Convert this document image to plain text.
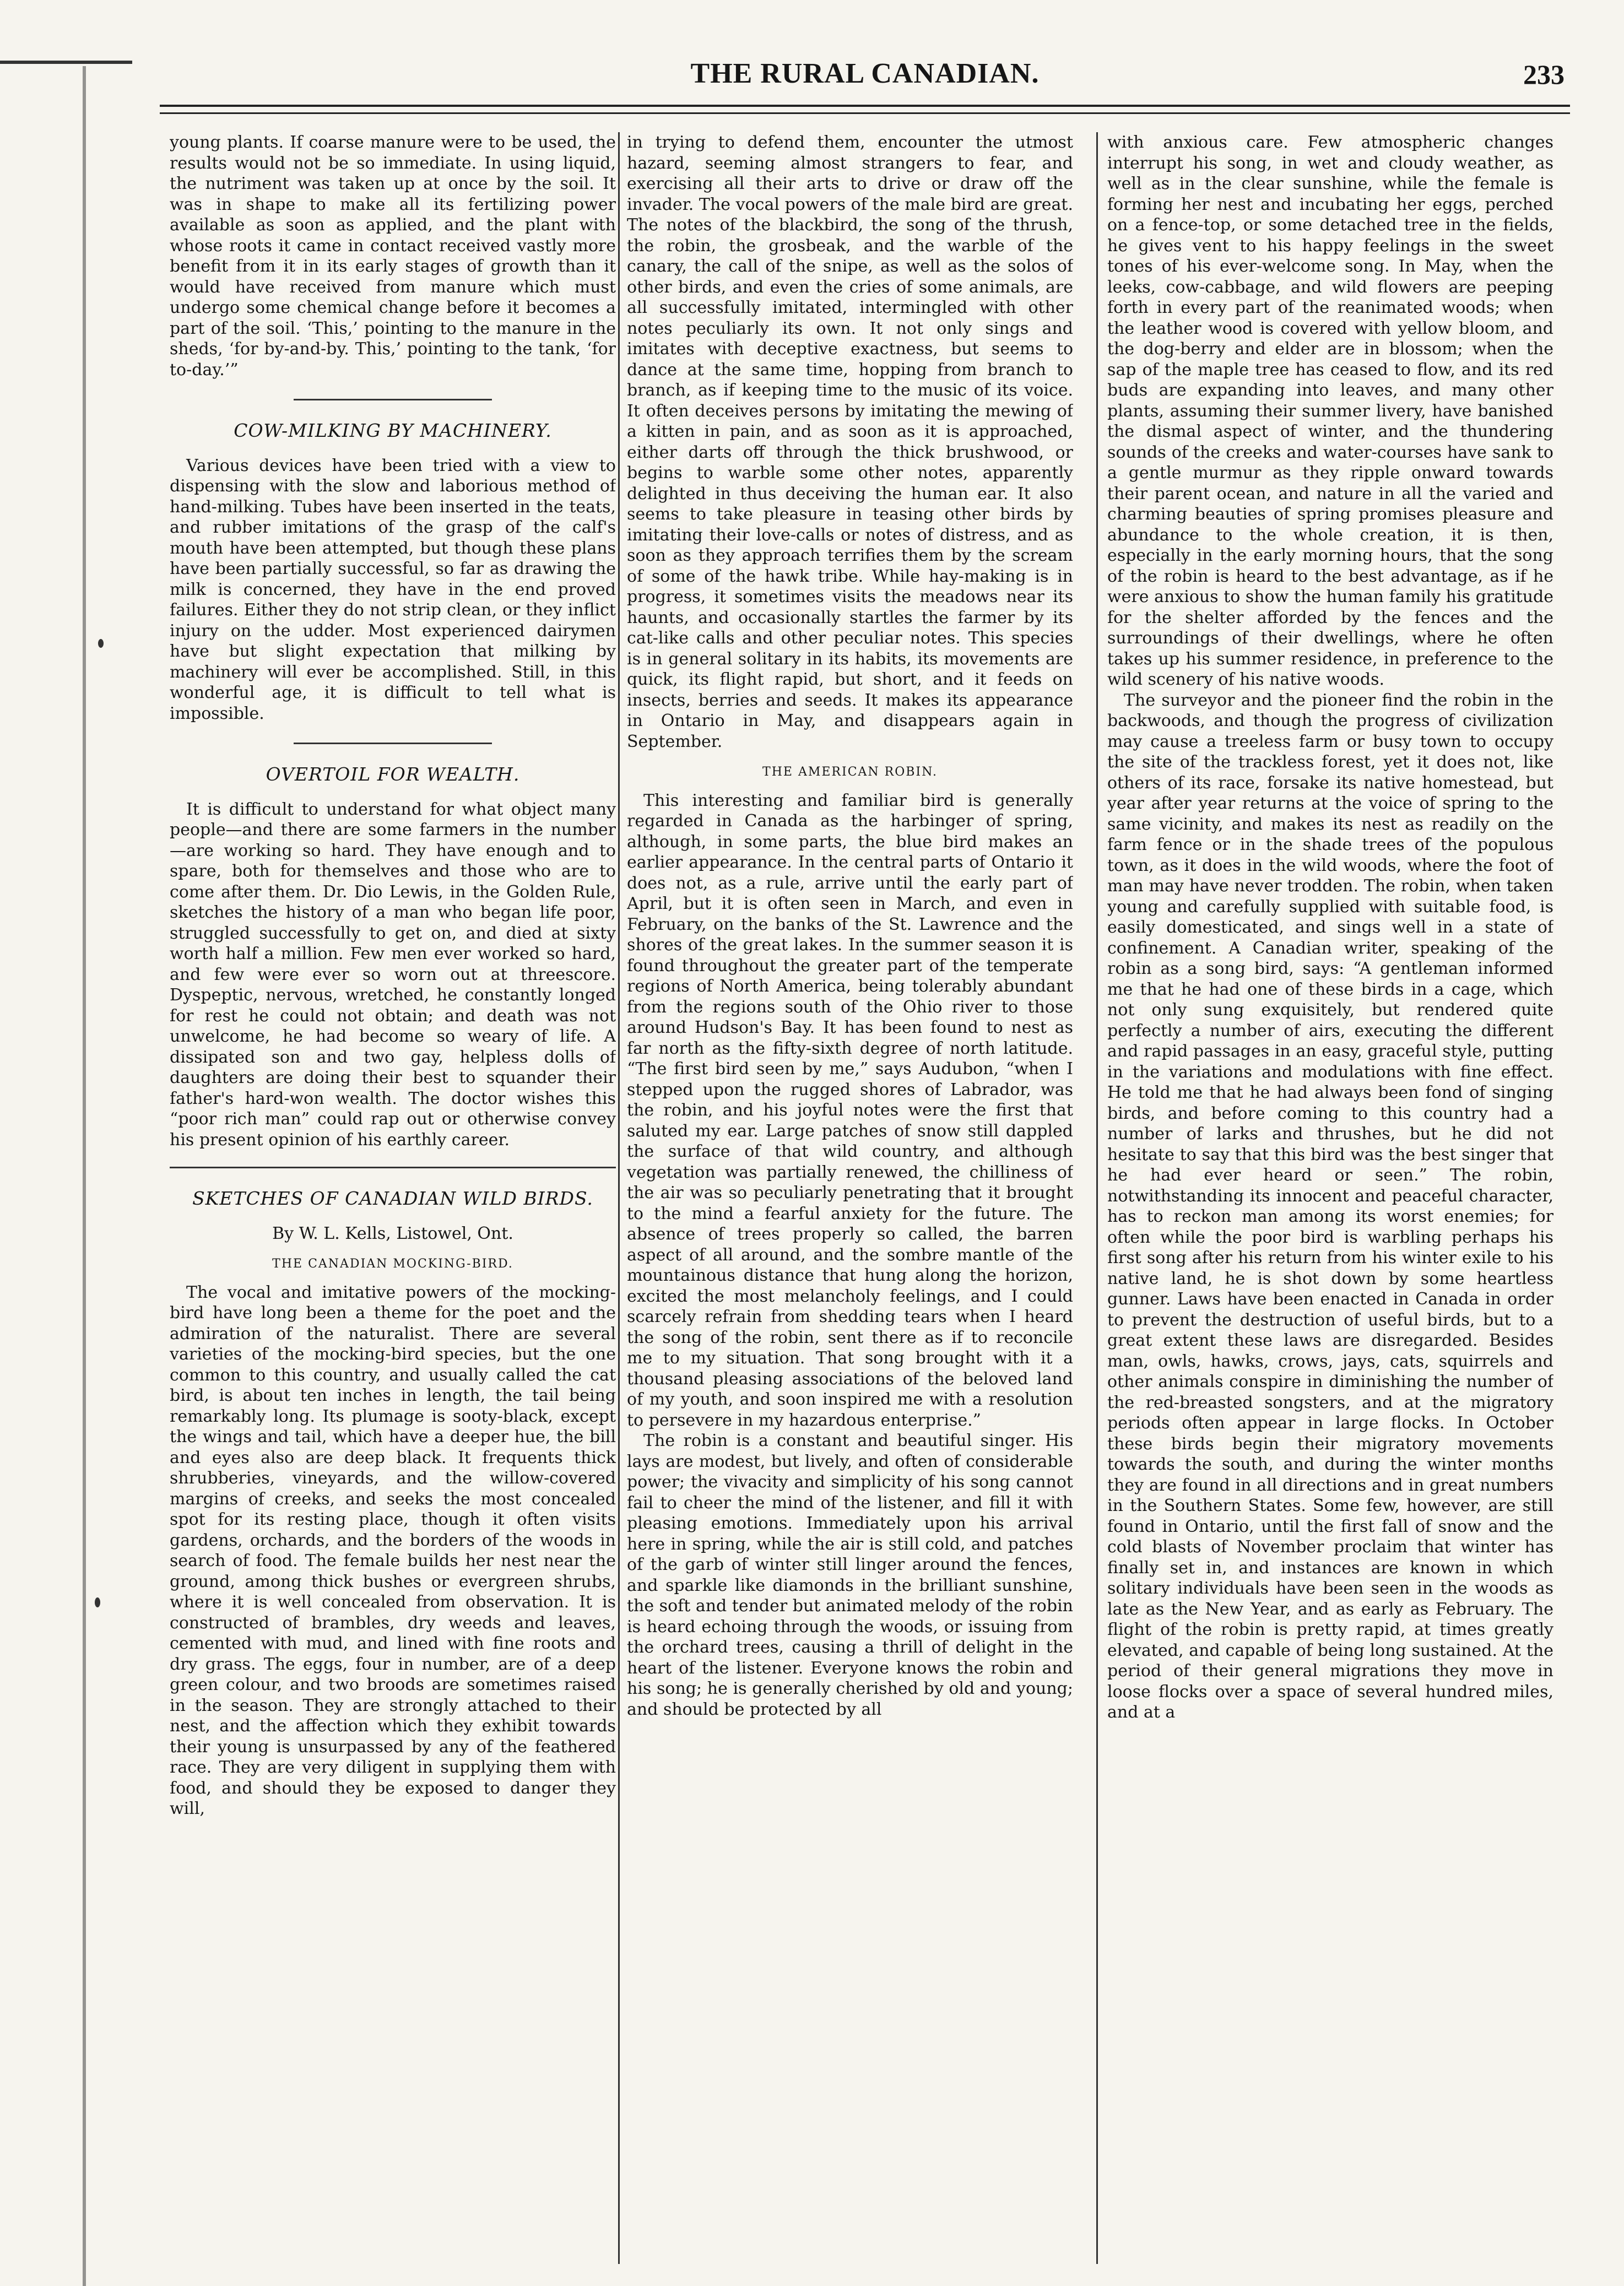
THE RURAL CANADIAN.	233

young plants. If coarse manure were to be used, the results would not be so immediate. In using liquid, the nutriment was taken up at once by the soil. It was in shape to make all its fertilizing power available as soon as applied, and the plant with whose roots it came in contact received vastly more benefit from it in its early stages of growth than it would have received from manure which must undergo some chemical change before it becomes a part of the soil. ‘This,’ pointing to the manure in the sheds, ‘for by-and-by. This,’ pointing to the tank, ‘for to-day.’”

COW-MILKING BY MACHINERY.

Various devices have been tried with a view to dispensing with the slow and laborious method of hand-milking. Tubes have been inserted in the teats, and rubber imitations of the grasp of the calf's mouth have been attempted, but though these plans have been partially successful, so far as drawing the milk is concerned, they have in the end proved failures. Either they do not strip clean, or they inflict injury on the udder. Most experienced dairymen have but slight expectation that milking by machinery will ever be accomplished. Still, in this wonderful age, it is difficult to tell what is impossible.

OVERTOIL FOR WEALTH.

It is difficult to understand for what object many people—and there are some farmers in the number—are working so hard. They have enough and to spare, both for themselves and those who are to come after them. Dr. Dio Lewis, in the Golden Rule, sketches the history of a man who began life poor, struggled successfully to get on, and died at sixty worth half a million. Few men ever worked so hard, and few were ever so worn out at threescore. Dyspeptic, nervous, wretched, he constantly longed for rest he could not obtain; and death was not unwelcome, he had become so weary of life. A dissipated son and two gay, helpless dolls of daughters are doing their best to squander their father's hard-won wealth. The doctor wishes this “poor rich man” could rap out or otherwise convey his present opinion of his earthly career.

SKETCHES OF CANADIAN WILD BIRDS.
By W. L. Kells, Listowel, Ont.
THE CANADIAN MOCKING-BIRD.

The vocal and imitative powers of the mocking-bird have long been a theme for the poet and the admiration of the naturalist. There are several varieties of the mocking-bird species, but the one common to this country, and usually called the cat bird, is about ten inches in length, the tail being remarkably long. Its plumage is sooty-black, except the wings and tail, which have a deeper hue, the bill and eyes also are deep black. It frequents thick shrubberies, vineyards, and the willow-covered margins of creeks, and seeks the most concealed spot for its resting place, though it often visits gardens, orchards, and the borders of the woods in search of food. The female builds her nest near the ground, among thick bushes or evergreen shrubs, where it is well concealed from observation. It is constructed of brambles, dry weeds and leaves, cemented with mud, and lined with fine roots and dry grass. The eggs, four in number, are of a deep green colour, and two broods are sometimes raised in the season. They are strongly attached to their nest, and the affection which they exhibit towards their young is unsurpassed by any of the feathered race. They are very diligent in supplying them with food, and should they be exposed to danger they will,

in trying to defend them, encounter the utmost hazard, seeming almost strangers to fear, and exercising all their arts to drive or draw off the invader. The vocal powers of the male bird are great. The notes of the blackbird, the song of the thrush, the robin, the grosbeak, and the warble of the canary, the call of the snipe, as well as the solos of other birds, and even the cries of some animals, are all successfully imitated, intermingled with other notes peculiarly its own. It not only sings and imitates with deceptive exactness, but seems to dance at the same time, hopping from branch to branch, as if keeping time to the music of its voice. It often deceives persons by imitating the mewing of a kitten in pain, and as soon as it is approached, either darts off through the thick brushwood, or begins to warble some other notes, apparently delighted in thus deceiving the human ear. It also seems to take pleasure in teasing other birds by imitating their love-calls or notes of distress, and as soon as they approach terrifies them by the scream of some of the hawk tribe. While hay-making is in progress, it sometimes visits the meadows near its haunts, and occasionally startles the farmer by its cat-like calls and other peculiar notes. This species is in general solitary in its habits, its movements are quick, its flight rapid, but short, and it feeds on insects, berries and seeds. It makes its appearance in Ontario in May, and disappears again in September.

THE AMERICAN ROBIN.

This interesting and familiar bird is generally regarded in Canada as the harbinger of spring, although, in some parts, the blue bird makes an earlier appearance. In the central parts of Ontario it does not, as a rule, arrive until the early part of April, but it is often seen in March, and even in February, on the banks of the St. Lawrence and the shores of the great lakes. In the summer season it is found throughout the greater part of the temperate regions of North America, being tolerably abundant from the regions south of the Ohio river to those around Hudson's Bay. It has been found to nest as far north as the fifty-sixth degree of north latitude. “The first bird seen by me,” says Audubon, “when I stepped upon the rugged shores of Labrador, was the robin, and his joyful notes were the first that saluted my ear. Large patches of snow still dappled the surface of that wild country, and although vegetation was partially renewed, the chilliness of the air was so peculiarly penetrating that it brought to the mind a fearful anxiety for the future. The absence of trees properly so called, the barren aspect of all around, and the sombre mantle of the mountainous distance that hung along the horizon, excited the most melancholy feelings, and I could scarcely refrain from shedding tears when I heard the song of the robin, sent there as if to reconcile me to my situation. That song brought with it a thousand pleasing associations of the beloved land of my youth, and soon inspired me with a resolution to persevere in my hazardous enterprise.”

The robin is a constant and beautiful singer. His lays are modest, but lively, and often of considerable power; the vivacity and simplicity of his song cannot fail to cheer the mind of the listener, and fill it with pleasing emotions. Immediately upon his arrival here in spring, while the air is still cold, and patches of the garb of winter still linger around the fences, and sparkle like diamonds in the brilliant sunshine, the soft and tender but animated melody of the robin is heard echoing through the woods, or issuing from the orchard trees, causing a thrill of delight in the heart of the listener. Everyone knows the robin and his song; he is generally cherished by old and young; and should be protected by all

with anxious care. Few atmospheric changes interrupt his song, in wet and cloudy weather, as well as in the clear sunshine, while the female is forming her nest and incubating her eggs, perched on a fence-top, or some detached tree in the fields, he gives vent to his happy feelings in the sweet tones of his ever-welcome song. In May, when the leeks, cow-cabbage, and wild flowers are peeping forth in every part of the reanimated woods; when the leather wood is covered with yellow bloom, and the dog-berry and elder are in blossom; when the sap of the maple tree has ceased to flow, and its red buds are expanding into leaves, and many other plants, assuming their summer livery, have banished the dismal aspect of winter, and the thundering sounds of the creeks and water-courses have sank to a gentle murmur as they ripple onward towards their parent ocean, and nature in all the varied and charming beauties of spring promises pleasure and abundance to the whole creation, it is then, especially in the early morning hours, that the song of the robin is heard to the best advantage, as if he were anxious to show the human family his gratitude for the shelter afforded by the fences and the surroundings of their dwellings, where he often takes up his summer residence, in preference to the wild scenery of his native woods.

The surveyor and the pioneer find the robin in the backwoods, and though the progress of civilization may cause a treeless farm or busy town to occupy the site of the trackless forest, yet it does not, like others of its race, forsake its native homestead, but year after year returns at the voice of spring to the same vicinity, and makes its nest as readily on the farm fence or in the shade trees of the populous town, as it does in the wild woods, where the foot of man may have never trodden. The robin, when taken young and carefully supplied with suitable food, is easily domesticated, and sings well in a state of confinement. A Canadian writer, speaking of the robin as a song bird, says: “A gentleman informed me that he had one of these birds in a cage, which not only sung exquisitely, but rendered quite perfectly a number of airs, executing the different and rapid passages in an easy, graceful style, putting in the variations and modulations with fine effect. He told me that he had always been fond of singing birds, and before coming to this country had a number of larks and thrushes, but he did not hesitate to say that this bird was the best singer that he had ever heard or seen.” The robin, notwithstanding its innocent and peaceful character, has to reckon man among its worst enemies; for often while the poor bird is warbling perhaps his first song after his return from his winter exile to his native land, he is shot down by some heartless gunner. Laws have been enacted in Canada in order to prevent the destruction of useful birds, but to a great extent these laws are disregarded. Besides man, owls, hawks, crows, jays, cats, squirrels and other animals conspire in diminishing the number of the red-breasted songsters, and at the migratory periods often appear in large flocks. In October these birds begin their migratory movements towards the south, and during the winter months they are found in all directions and in great numbers in the Southern States. Some few, however, are still found in Ontario, until the first fall of snow and the cold blasts of November proclaim that winter has finally set in, and instances are known in which solitary individuals have been seen in the woods as late as the New Year, and as early as February. The flight of the robin is pretty rapid, at times greatly elevated, and capable of being long sustained. At the period of their general migrations they move in loose flocks over a space of several hundred miles, and at a
